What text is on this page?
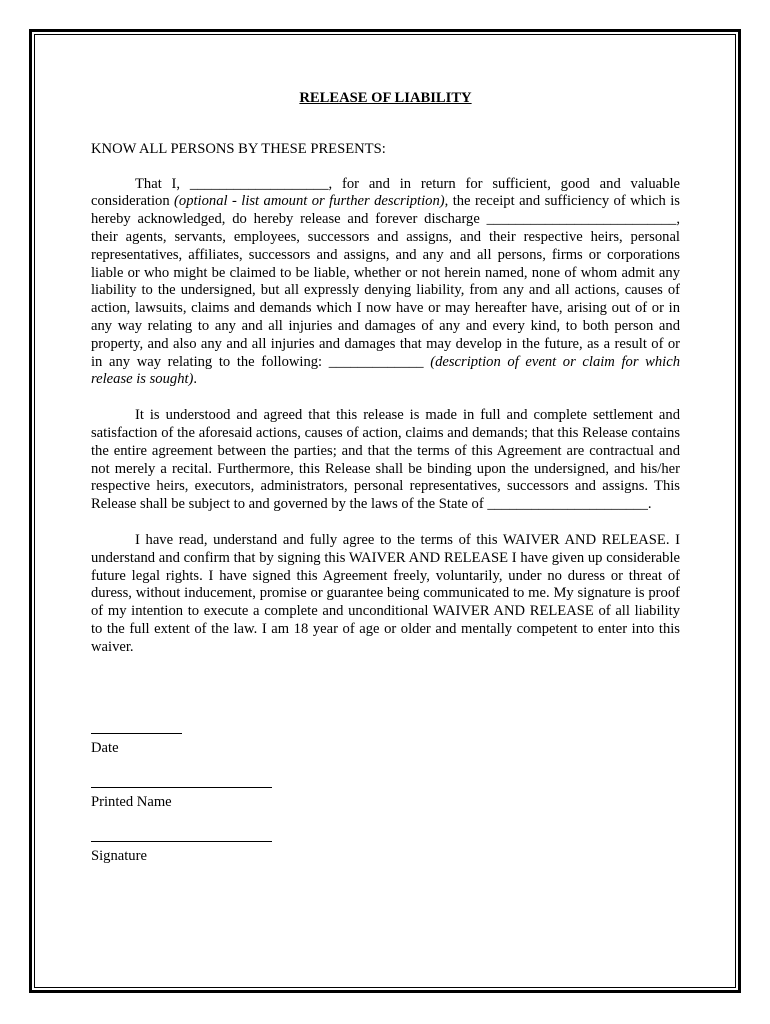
RELEASE OF LIABILITY
KNOW ALL PERSONS BY THESE PRESENTS:

That I, ___________________, for and in return for sufficient, good and valuable consideration (optional - list amount or further description), the receipt and sufficiency of which is hereby acknowledged, do hereby release and forever discharge __________________________, their agents, servants, employees, successors and assigns, and their respective heirs, personal representatives, affiliates, successors and assigns, and any and all persons, firms or corporations liable or who might be claimed to be liable, whether or not herein named, none of whom admit any liability to the undersigned, but all expressly denying liability, from any and all actions, causes of action, lawsuits, claims and demands which I now have or may hereafter have, arising out of or in any way relating to any and all injuries and damages of any and every kind, to both person and property, and also any and all injuries and damages that may develop in the future, as a result of or in any way relating to the following: _____________ (description of event or claim for which release is sought).

It is understood and agreed that this release is made in full and complete settlement and satisfaction of the aforesaid actions, causes of action, claims and demands; that this Release contains the entire agreement between the parties; and that the terms of this Agreement are contractual and not merely a recital. Furthermore, this Release shall be binding upon the undersigned, and his/her respective heirs, executors, administrators, personal representatives, successors and assigns. This Release shall be subject to and governed by the laws of the State of ______________________.

I have read, understand and fully agree to the terms of this WAIVER AND RELEASE. I understand and confirm that by signing this WAIVER AND RELEASE I have given up considerable future legal rights. I have signed this Agreement freely, voluntarily, under no duress or threat of duress, without inducement, promise or guarantee being communicated to me. My signature is proof of my intention to execute a complete and unconditional WAIVER AND RELEASE of all liability to the full extent of the law. I am 18 year of age or older and mentally competent to enter into this waiver.

Date
Printed Name
Signature
